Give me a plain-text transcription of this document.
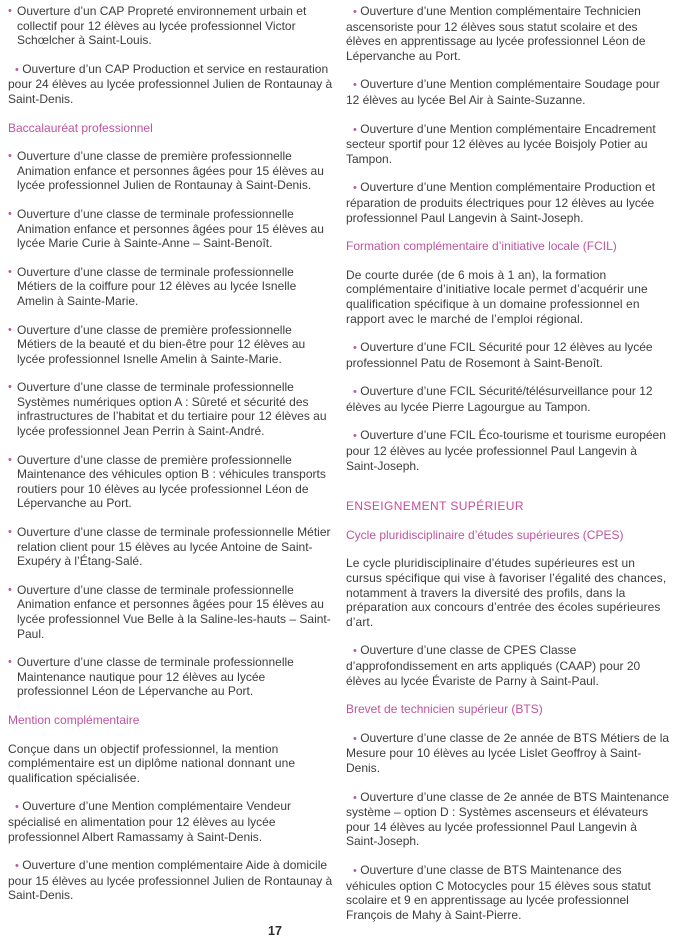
• Ouverture d’un CAP Propreté environnement urbain et collectif pour 12 élèves au lycée professionnel Victor Schœlcher à Saint-Louis.

• Ouverture d’un CAP Production et service en restauration pour 24 élèves au lycée professionnel Julien de Rontaunay à Saint-Denis.

Baccalauréat professionnel

• Ouverture d’une classe de première professionnelle Animation enfance et personnes âgées pour 15 élèves au lycée professionnel Julien de Rontaunay à Saint-Denis.

• Ouverture d’une classe de terminale professionnelle Animation enfance et personnes âgées pour 15 élèves au lycée Marie Curie à Sainte-Anne – Saint-Benoît.

• Ouverture d’une classe de terminale professionnelle Métiers de la coiffure pour 12 élèves au lycée Isnelle Amelin à Sainte-Marie.

• Ouverture d’une classe de première professionnelle Métiers de la beauté et du bien-être pour 12 élèves au lycée professionnel Isnelle Amelin à Sainte-Marie.

• Ouverture d’une classe de terminale professionnelle Systèmes numériques option A : Sûreté et sécurité des infrastructures de l’habitat et du tertiaire pour 12 élèves au lycée professionnel Jean Perrin à Saint-André.

• Ouverture d’une classe de première professionnelle Maintenance des véhicules option B : véhicules transports routiers pour 10 élèves au lycée professionnel Léon de Lépervanche au Port.

• Ouverture d’une classe de terminale professionnelle Métier relation client pour 15 élèves au lycée Antoine de Saint-Exupéry à l’Étang-Salé.

• Ouverture d’une classe de terminale professionnelle Animation enfance et personnes âgées pour 15 élèves au lycée professionnel Vue Belle à la Saline-les-hauts – Saint-Paul.

• Ouverture d’une classe de terminale professionnelle Maintenance nautique pour 12 élèves au lycée professionnel Léon de Lépervanche au Port.

Mention complémentaire

Conçue dans un objectif professionnel, la mention complémentaire est un diplôme national donnant une qualification spécialisée.

• Ouverture d’une Mention complémentaire Vendeur spécialisé en alimentation pour 12 élèves au lycée professionnel Albert Ramassamy à Saint-Denis.

• Ouverture d’une mention complémentaire Aide à domicile pour 15 élèves au lycée professionnel Julien de Rontaunay à Saint-Denis.

• Ouverture d’une Mention complémentaire Technicien ascensoriste pour 12 élèves sous statut scolaire et des élèves en apprentissage au lycée professionnel Léon de Lépervanche au Port.

• Ouverture d’une Mention complémentaire Soudage pour 12 élèves au lycée Bel Air à Sainte-Suzanne.

• Ouverture d’une Mention complémentaire Encadrement secteur sportif pour 12 élèves au lycée Boisjoly Potier au Tampon.

• Ouverture d’une Mention complémentaire Production et réparation de produits électriques pour 12 élèves au lycée professionnel Paul Langevin à Saint-Joseph.

Formation complémentaire d’initiative locale (FCIL)

De courte durée (de 6 mois à 1 an), la formation complémentaire d’initiative locale permet d’acquérir une qualification spécifique à un domaine professionnel en rapport avec le marché de l’emploi régional.

• Ouverture d’une FCIL Sécurité pour 12 élèves au lycée professionnel Patu de Rosemont à Saint-Benoît.

• Ouverture d’une FCIL Sécurité/télésurveillance pour 12 élèves au lycée Pierre Lagourgue au Tampon.

• Ouverture d’une FCIL Éco-tourisme et tourisme européen pour 12 élèves au lycée professionnel Paul Langevin à Saint-Joseph.

ENSEIGNEMENT SUPÉRIEUR
Cycle pluridisciplinaire d’études supérieures (CPES)

Le cycle pluridisciplinaire d’études supérieures est un cursus spécifique qui vise à favoriser l’égalité des chances, notamment à travers la diversité des profils, dans la préparation aux concours d’entrée des écoles supérieures d’art.

• Ouverture d’une classe de CPES Classe d’approfondissement en arts appliqués (CAAP) pour 20 élèves au lycée Évariste de Parny à Saint-Paul.

Brevet de technicien supérieur (BTS)

• Ouverture d’une classe de 2e année de BTS Métiers de la Mesure pour 10 élèves au lycée Lislet Geoffroy à Saint-Denis.

• Ouverture d’une classe de 2e année de BTS Maintenance système – option D : Systèmes ascenseurs et élévateurs pour 14 élèves au lycée professionnel Paul Langevin à Saint-Joseph.

• Ouverture d’une classe de BTS Maintenance des véhicules option C Motocycles pour 15 élèves sous statut scolaire et 9 en apprentissage au lycée professionnel François de Mahy à Saint-Pierre.

17
